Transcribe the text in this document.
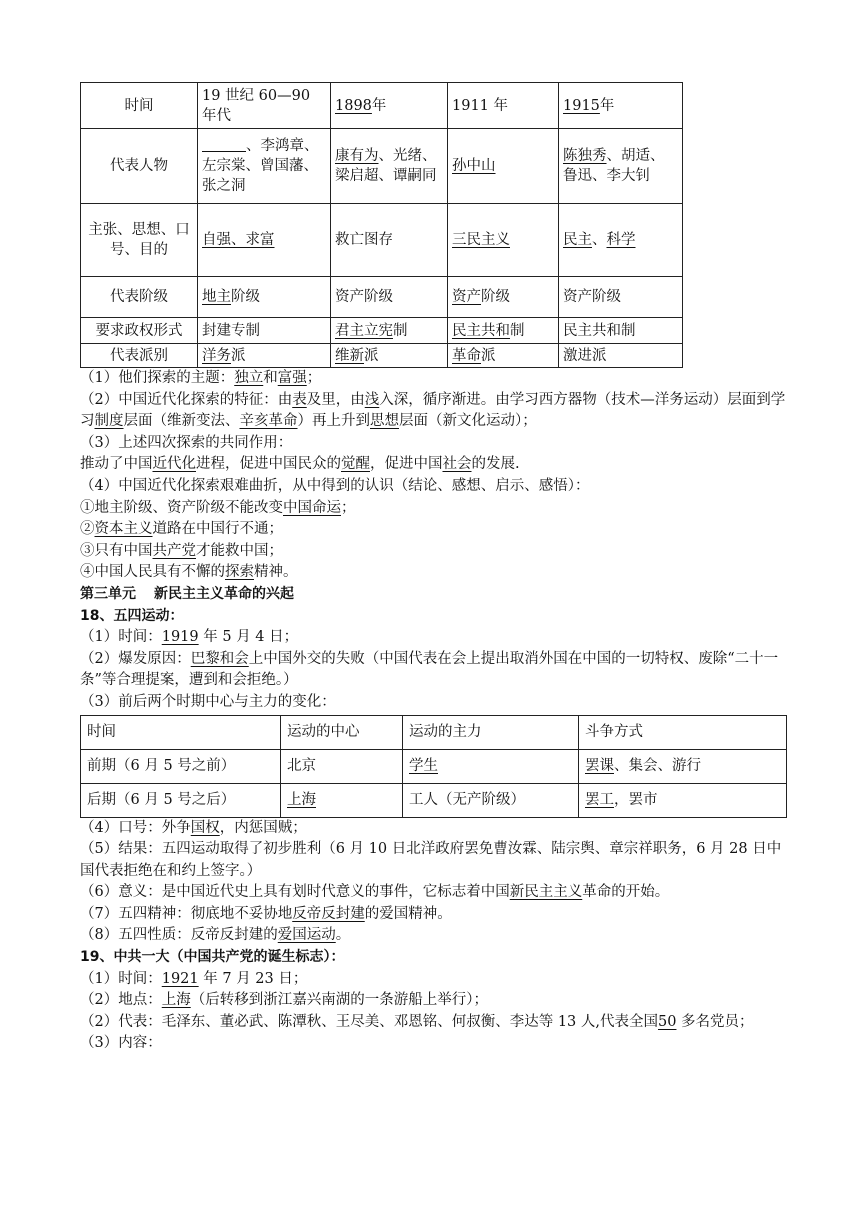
时间	19 世纪 60—90 年代	1898年	1911 年	1915年
代表人物	、李鸿章、左宗棠、曾国藩、张之洞	康有为、光绪、梁启超、谭嗣同	孙中山	陈独秀、胡适、鲁迅、李大钊
主张、思想、口号、目的	自强、求富	救亡图存	三民主义	民主、科学
代表阶级	地主阶级	资产阶级	资产阶级	资产阶级
要求政权形式	封建专制	君主立宪制	民主共和制	民主共和制
代表派别	洋务派	维新派	革命派	激进派
（1）他们探索的主题：独立和富强；
（2）中国近代化探索的特征：由表及里，由浅入深，循序渐进。由学习西方器物（技术—洋务运动）层面到学习制度层面（维新变法、辛亥革命）再上升到思想层面（新文化运动）；
（3）上述四次探索的共同作用：
推动了中国近代化进程，促进中国民众的觉醒，促进中国社会的发展.
（4）中国近代化探索艰难曲折，从中得到的认识（结论、感想、启示、感悟）：
①地主阶级、资产阶级不能改变中国命运；
②资本主义道路在中国行不通；
③只有中国共产党才能救中国；
④中国人民具有不懈的探索精神。
第三单元 新民主主义革命的兴起
18、五四运动：
（1）时间：1919 年 5 月 4 日；
（2）爆发原因：巴黎和会上中国外交的失败（中国代表在会上提出取消外国在中国的一切特权、废除“二十一条”等合理提案，遭到和会拒绝。）
（3）前后两个时期中心与主力的变化：
时间	运动的中心	运动的主力	斗争方式
前期（6 月 5 号之前）	北京	学生	罢课、集会、游行
后期（6 月 5 号之后）	上海	工人（无产阶级）	罢工，罢市
（4）口号：外争国权，内惩国贼；
（5）结果：五四运动取得了初步胜利（6 月 10 日北洋政府罢免曹汝霖、陆宗舆、章宗祥职务，6 月 28 日中国代表拒绝在和约上签字。）
（6）意义：是中国近代史上具有划时代意义的事件，它标志着中国新民主主义革命的开始。
（7）五四精神：彻底地不妥协地反帝反封建的爱国精神。
（8）五四性质：反帝反封建的爱国运动。
19、中共一大（中国共产党的诞生标志）：
（1）时间：1921 年 7 月 23 日；
（2）地点：上海（后转移到浙江嘉兴南湖的一条游船上举行）；
（2）代表：毛泽东、董必武、陈潭秋、王尽美、邓恩铭、何叔衡、李达等 13 人,代表全国50 多名党员；
（3）内容：
